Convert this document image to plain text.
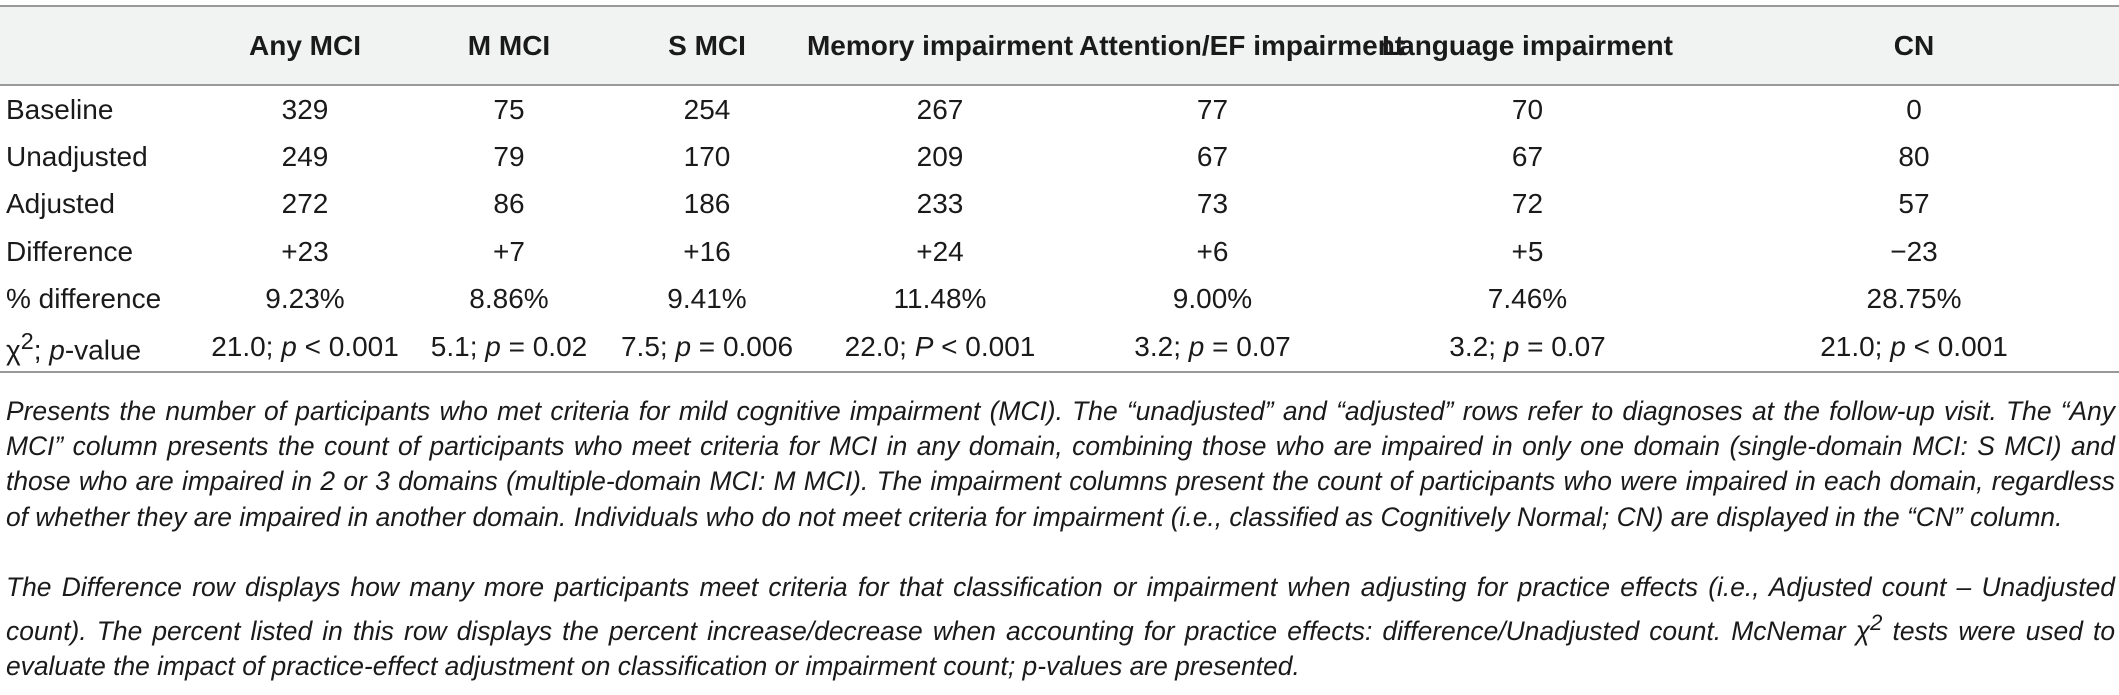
	Any MCI	M MCI	S MCI	Memory impairment	Attention/EF impairment	Language impairment	CN
Baseline	329	75	254	267	77	70	0
Unadjusted	249	79	170	209	67	67	80
Adjusted	272	86	186	233	73	72	57
Difference	+23	+7	+16	+24	+6	+5	−23
% difference	9.23%	8.86%	9.41%	11.48%	9.00%	7.46%	28.75%
$\chi^2$; p-value	21.0; p < 0.001	5.1; p = 0.02	7.5; p = 0.006	22.0; P < 0.001	3.2; p = 0.07	3.2; p = 0.07	21.0; p < 0.001
Presents the number of participants who met criteria for mild cognitive impairment (MCI). The “unadjusted” and “adjusted” rows refer to diagnoses at the follow-up visit. The “Any MCI” column presents the count of participants who meet criteria for MCI in any domain, combining those who are impaired in only one domain (single-domain MCI: S MCI) and those who are impaired in 2 or 3 domains (multiple-domain MCI: M MCI). The impairment columns present the count of participants who were impaired in each domain, regardless of whether they are impaired in another domain. Individuals who do not meet criteria for impairment (i.e., classified as Cognitively Normal; CN) are displayed in the “CN” column.
The Difference row displays how many more participants meet criteria for that classification or impairment when adjusting for practice effects (i.e., Adjusted count – Unadjusted count). The percent listed in this row displays the percent increase/decrease when accounting for practice effects: difference/Unadjusted count. McNemar $\chi^2$ tests were used to evaluate the impact of practice-effect adjustment on classification or impairment count; p-values are presented.
